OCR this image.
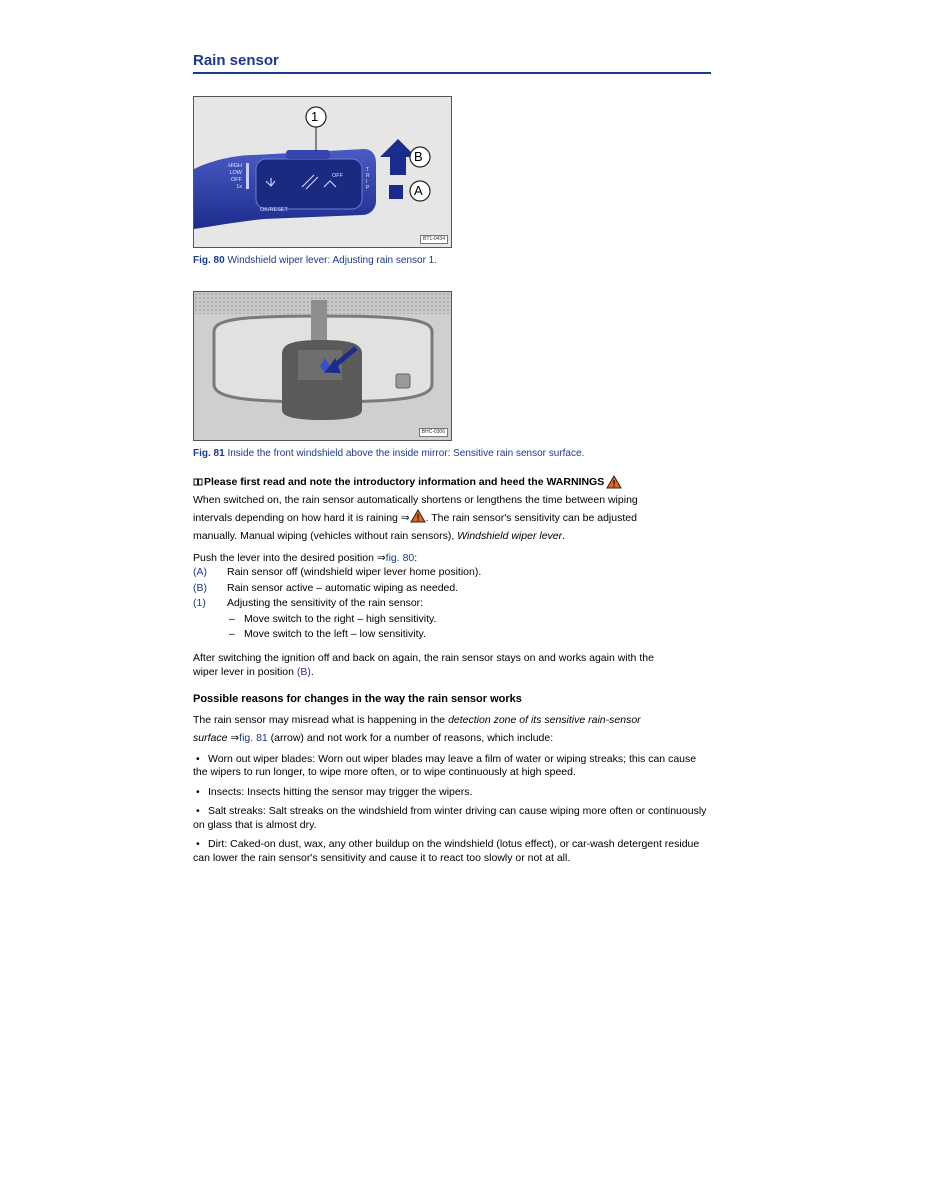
Rain sensor
1
B
A
HIGH
LOW
OFF
1x
OFF
T R I P
OK/RESET
BT1-0434
Fig. 80 Windshield wiper lever: Adjusting rain sensor 1.
BHC-0306
Fig. 81 Inside the front windshield above the inside mirror: Sensitive rain sensor surface.
Please first read and note the introductory information and heed the WARNINGS

When switched on, the rain sensor automatically shortens or lengthens the time between wiping
intervals depending on how hard it is raining ⇒ . The rain sensor's sensitivity can be adjusted
manually. Manual wiping (vehicles without rain sensors), Windshield wiper lever.

Push the lever into the desired position ⇒fig. 80:

(A)	Rain sensor off (windshield wiper lever home position).
(B)	Rain sensor active – automatic wiping as needed.
(1)	Adjusting the sensitivity of the rain sensor:
– Move switch to the right – high sensitivity.
– Move switch to the left – low sensitivity.

After switching the ignition off and back on again, the rain sensor stays on and works again with the
wiper lever in position (B).

Possible reasons for changes in the way the rain sensor works

The rain sensor may misread what is happening in the detection zone of its sensitive rain-sensor
surface ⇒fig. 81 (arrow) and not work for a number of reasons, which include:

• Worn out wiper blades: Worn out wiper blades may leave a film of water or wiping streaks; this can cause the wipers to run longer, to wipe more often, or to wipe continuously at high speed.
• Insects: Insects hitting the sensor may trigger the wipers.
• Salt streaks: Salt streaks on the windshield from winter driving can cause wiping more often or continuously on glass that is almost dry.
• Dirt: Caked-on dust, wax, any other buildup on the windshield (lotus effect), or car-wash detergent residue can lower the rain sensor's sensitivity and cause it to react too slowly or not at all.
